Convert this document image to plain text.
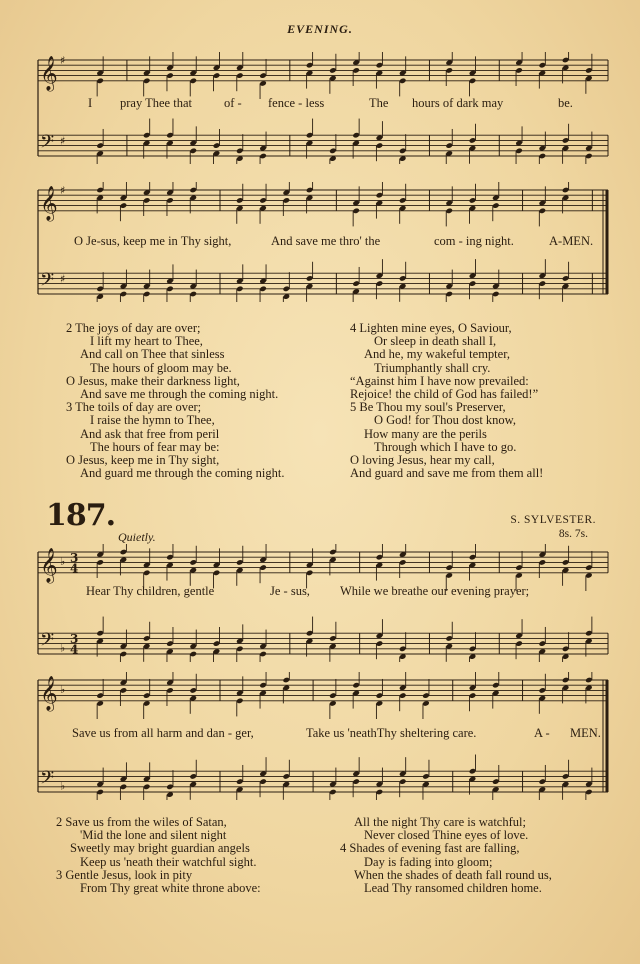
EVENING.
𝄞 ♯
𝄢 ♯
I pray Thee that	of - fence - less	The hours of dark may	be.
𝄞 ♯
𝄢 ♯
O Je-sus, keep me in Thy sight,	And save me thro' the	com - ing night.	A-MEN.
2 The joys of day are over;
I lift my heart to Thee,
And call on Thee that sinless
The hours of gloom may be.
O Jesus, make their darkness light,
And save me through the coming night.
3 The toils of day are over;
I raise the hymn to Thee,
And ask that free from peril
The hours of fear may be:
O Jesus, keep me in Thy sight,
And guard me through the coming night.
4 Lighten mine eyes, O Saviour,
Or sleep in death shall I,
And he, my wakeful tempter,
Triumphantly shall cry.
“Against him I have now prevailed:
Rejoice! the child of God has failed!”
5 Be Thou my soul's Preserver,
O God! for Thou dost know,
How many are the perils
Through which I have to go.
O loving Jesus, hear my call,
And guard and save me from them all!
187.	S. SYLVESTER.
8s. 7s.
Quietly.
𝄞 ♭ 3
4
𝄢 ♭
3
4
Hear Thy children, gentle	Je - sus, While we breathe our evening prayer;
𝄞 ♭
𝄢 ♭
Save us from all harm and dan - ger,	Take us 'neathThy sheltering care.	A - MEN.
2 Save us from the wiles of Satan,
'Mid the lone and silent night
Sweetly may bright guardian angels
Keep us 'neath their watchful sight.
3 Gentle Jesus, look in pity
From Thy great white throne above:
All the night Thy care is watchful;
Never closed Thine eyes of love.
4 Shades of evening fast are falling,
Day is fading into gloom;
When the shades of death fall round us,
Lead Thy ransomed children home.
